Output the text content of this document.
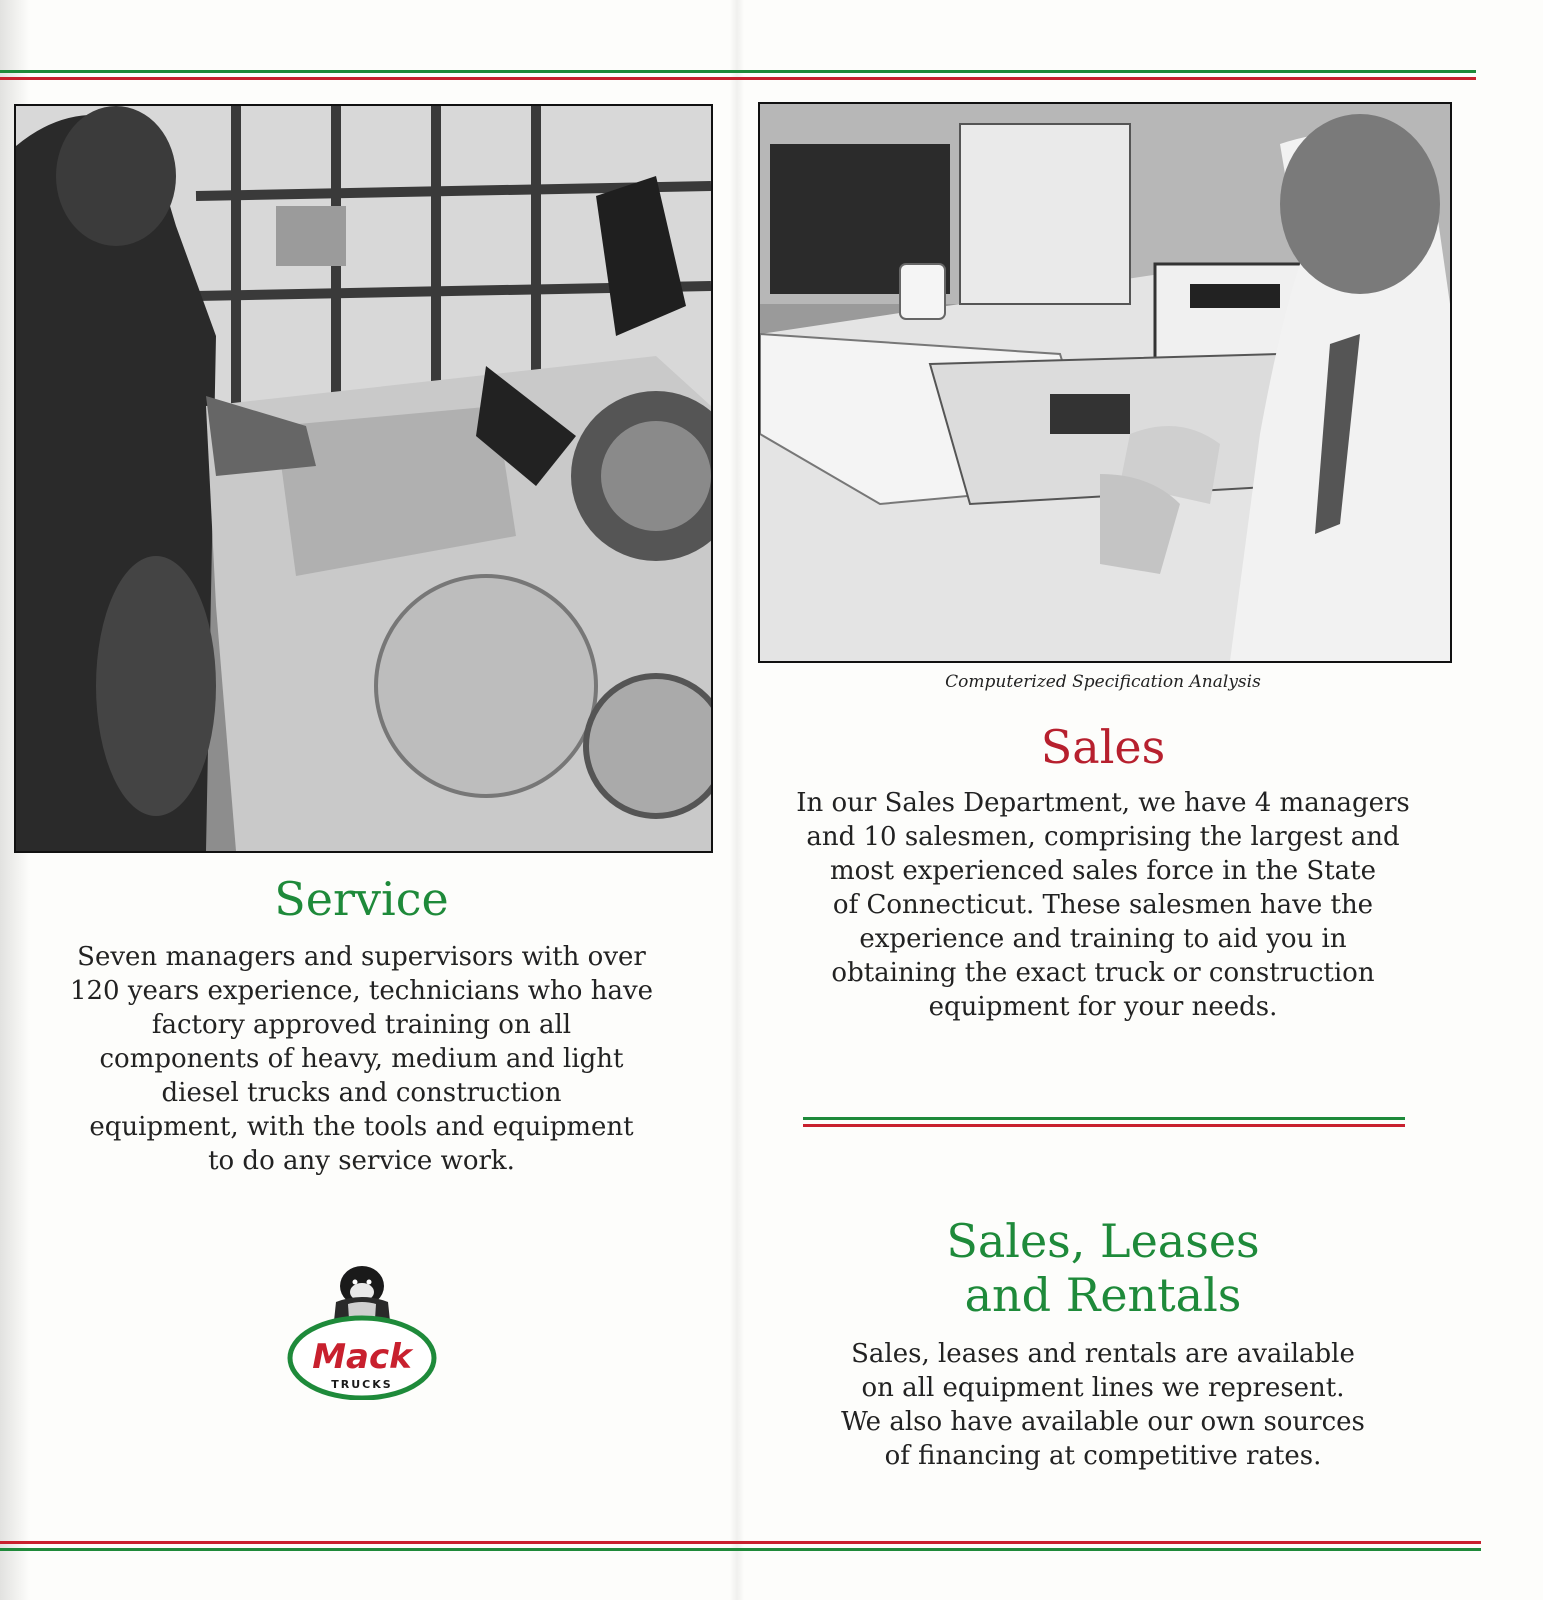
Computerized Specification Analysis
Sales

In our Sales Department, we have 4 managers
and 10 salesmen, comprising the largest and
most experienced sales force in the State
of Connecticut. These salesmen have the
experience and training to aid you in
obtaining the exact truck or construction
equipment for your needs.

Service

Seven managers and supervisors with over
120 years experience, technicians who have
factory approved training on all
components of heavy, medium and light
diesel trucks and construction
equipment, with the tools and equipment
to do any service work.

Sales, Leases
and Rentals

Sales, leases and rentals are available
on all equipment lines we represent.
We also have available our own sources
of financing at competitive rates.

Mack
TRUCKS
